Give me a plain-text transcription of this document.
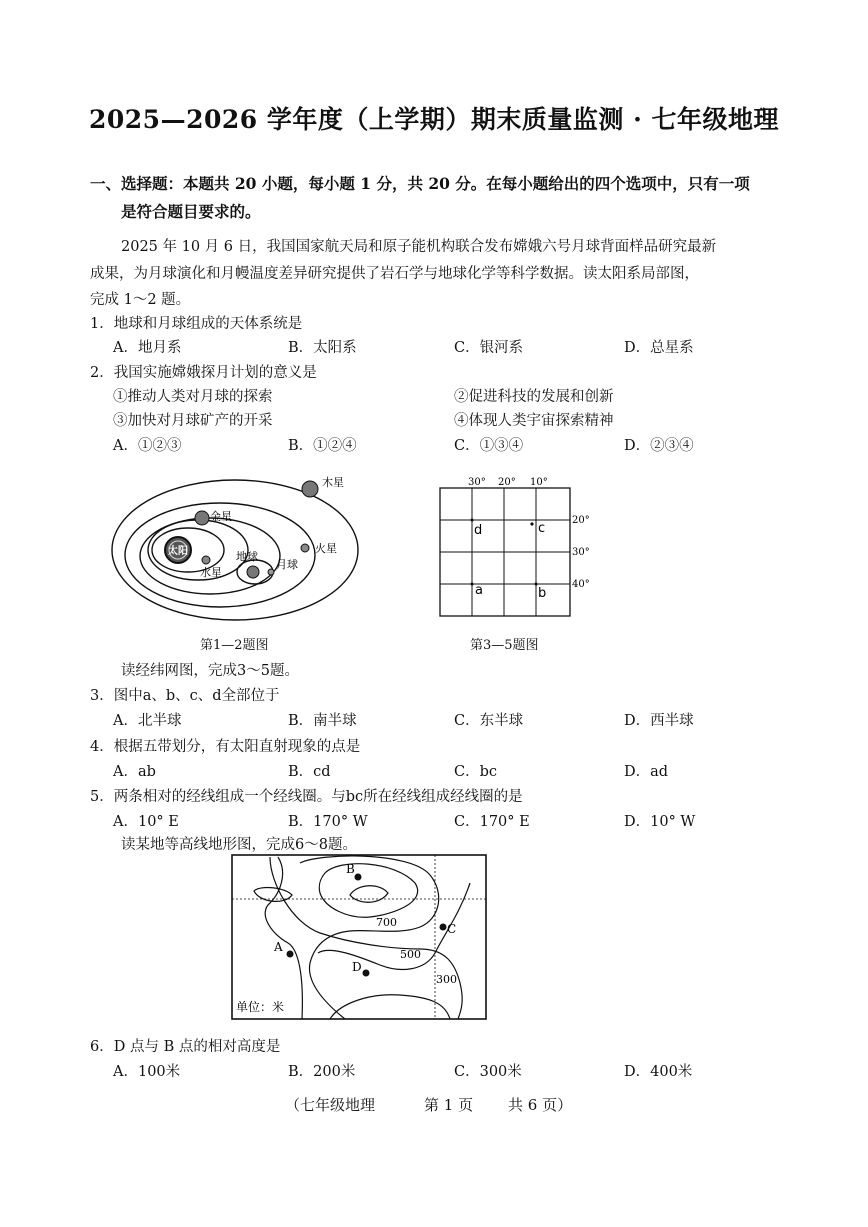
2025—2026 学年度（上学期）期末质量监测 · 七年级地理
一、选择题：本题共 20 小题，每小题 1 分，共 20 分。在每小题给出的四个选项中，只有一项
是符合题目要求的。
2025 年 10 月 6 日，我国国家航天局和原子能机构联合发布嫦娥六号月球背面样品研究最新
成果，为月球演化和月幔温度差异研究提供了岩石学与地球化学等科学数据。读太阳系局部图，
完成 1～2 题。
1．地球和月球组成的天体系统是
A．地月系	B．太阳系	C．银河系	D．总星系
2．我国实施嫦娥探月计划的意义是
①推动人类对月球的探索	②促进科技的发展和创新
③加快对月球矿产的开采	④体现人类宇宙探索精神
A．①②③	B．①②④	C．①③④	D．②③④
太阳
木星
金星
水星
地球
月球
火星
第1—2题图
30° 20° 10°
20°
30°
40°
d	c
a	b
第3—5题图
读经纬网图，完成3～5题。
3．图中a、b、c、d全部位于
A．北半球	B．南半球	C．东半球	D．西半球
4．根据五带划分，有太阳直射现象的点是
A．ab	B．cd	C．bc	D．ad
5．两条相对的经线组成一个经线圈。与bc所在经线组成经线圈的是
A．10° E	B．170° W	C．170° E	D．10° W
读某地等高线地形图，完成6～8题。
700
500
300
B
C
A
D
单位：米
6．D 点与 B 点的相对高度是
A．100米	B．200米	C．300米	D．400米
（七年级地理	第 1 页 共 6 页）
